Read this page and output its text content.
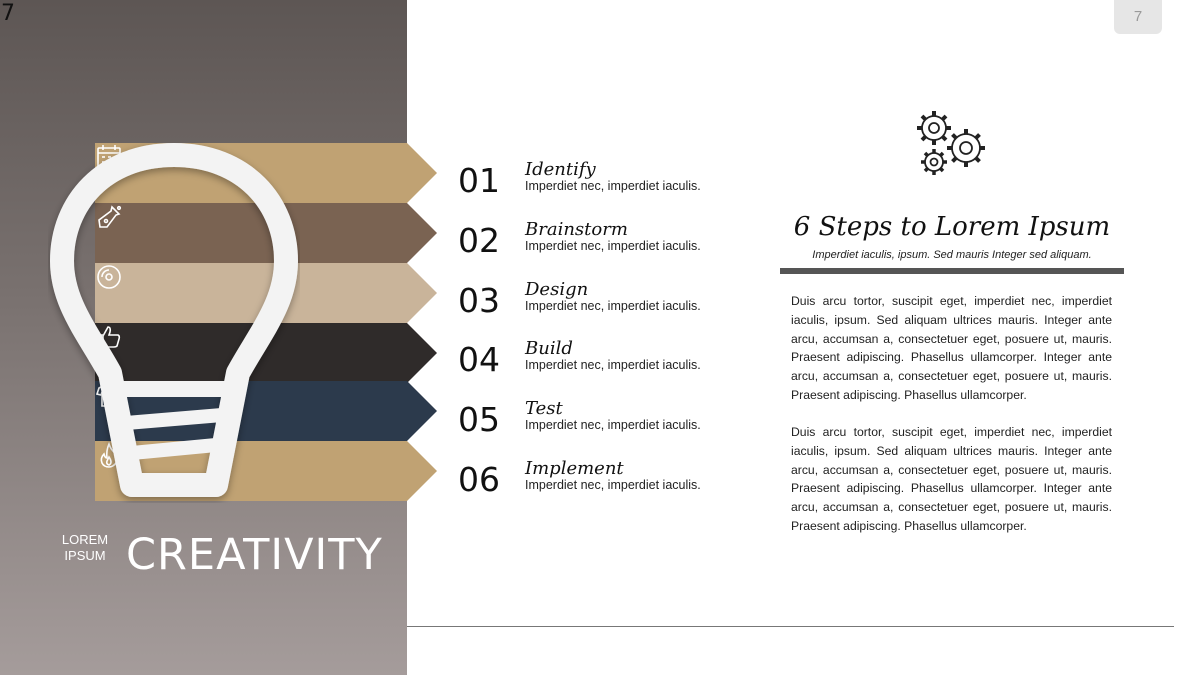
7	7
01	Identify
Imperdiet nec, imperdiet iaculis.
02	Brainstorm
Imperdiet nec, imperdiet iaculis.
03	Design
Imperdiet nec, imperdiet iaculis.
04	Build
Imperdiet nec, imperdiet iaculis.
05	Test
Imperdiet nec, imperdiet iaculis.
06	Implement
Imperdiet nec, imperdiet iaculis.
LOREM
IPSUM CREATIVITY
6 Steps to Lorem Ipsum
Imperdiet iaculis, ipsum. Sed mauris Integer sed aliquam.
Duis arcu tortor, suscipit eget, imperdiet nec, imperdiet iaculis, ipsum. Sed aliquam ultrices mauris. Integer ante arcu, accumsan a, consectetuer eget, posuere ut, mauris. Praesent adipiscing. Phasellus ullamcorper. Integer ante arcu, accumsan a, consectetuer eget, posuere ut, mauris. Praesent adipiscing. Phasellus ullamcorper.
Duis arcu tortor, suscipit eget, imperdiet nec, imperdiet iaculis, ipsum. Sed aliquam ultrices mauris. Integer ante arcu, accumsan a, consectetuer eget, posuere ut, mauris. Praesent adipiscing. Phasellus ullamcorper. Integer ante arcu, accumsan a, consectetuer eget, posuere ut, mauris. Praesent adipiscing. Phasellus ullamcorper.
